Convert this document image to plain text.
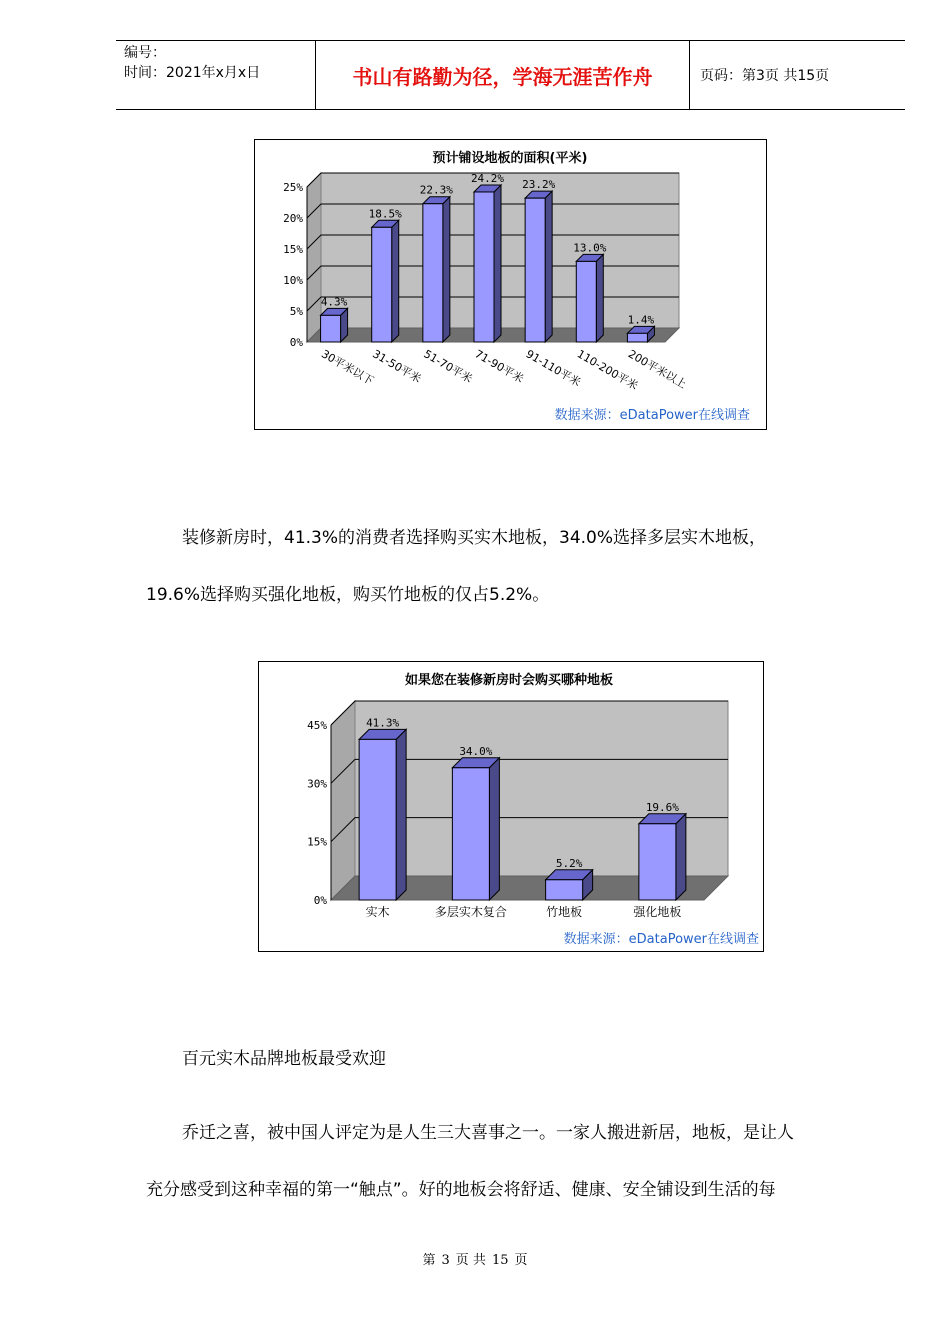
编号：
时间：2021年x月x日	书山有路勤为径，学海无涯苦作舟	页码：第3页 共15页
预计铺设地板的面积(平米)
0%
5%
10%
15%
20%
25%
4.3%
30平米以下
18.5%
31-50平米
22.3%
51-70平米
24.2%
71-90平米
23.2%
91-110平米
13.0%
110-200平米
1.4%
200平米以上
数据来源：eDataPower在线调查
装修新房时，41.3%的消费者选择购买实木地板，34.0%选择多层实木地板，
19.6%选择购买强化地板，购买竹地板的仅占5.2%。
如果您在装修新房时会购买哪种地板
0%
15%
30%
45%	41.3%
实木
34.0%
多层实木复合
5.2%
竹地板
19.6%
强化地板
数据来源：eDataPower在线调查
百元实木品牌地板最受欢迎
乔迁之喜，被中国人评定为是人生三大喜事之一。一家人搬进新居，地板，是让人
充分感受到这种幸福的第一“触点”。好的地板会将舒适、健康、安全铺设到生活的每
第 3 页 共 15 页
